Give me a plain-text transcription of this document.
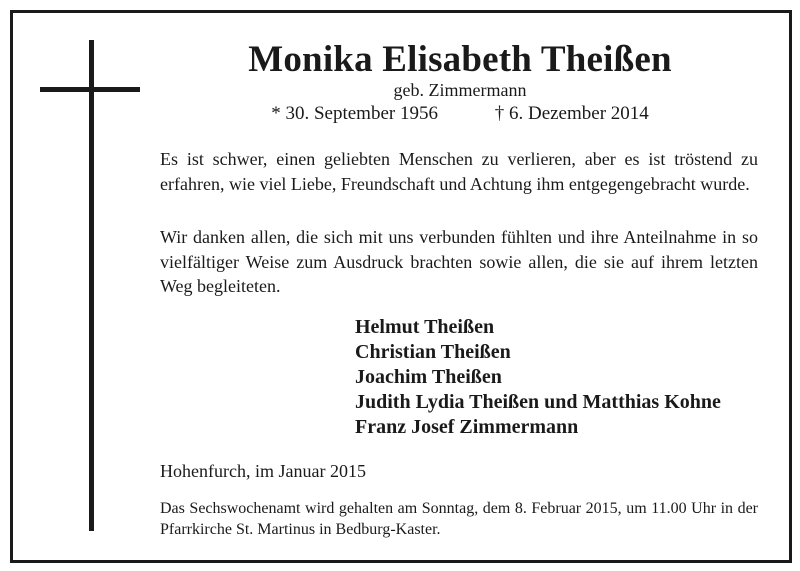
Monika Elisabeth Theißen
geb. Zimmermann
* 30. September 1956	† 6. Dezember 2014
Es ist schwer, einen geliebten Menschen zu verlieren, aber es ist tröstend zu erfahren, wie viel Liebe, Freundschaft und Achtung ihm entgegengebracht wurde.
Wir danken allen, die sich mit uns verbunden fühlten und ihre Anteilnahme in so vielfältiger Weise zum Ausdruck brachten sowie allen, die sie auf ihrem letzten Weg begleiteten.
Helmut Theißen
Christian Theißen
Joachim Theißen
Judith Lydia Theißen und Matthias Kohne
Franz Josef Zimmermann
Hohenfurch, im Januar 2015
Das Sechswochenamt wird gehalten am Sonntag, dem 8. Februar 2015, um 11.00 Uhr in der Pfarrkirche St. Martinus in Bedburg-Kaster.
